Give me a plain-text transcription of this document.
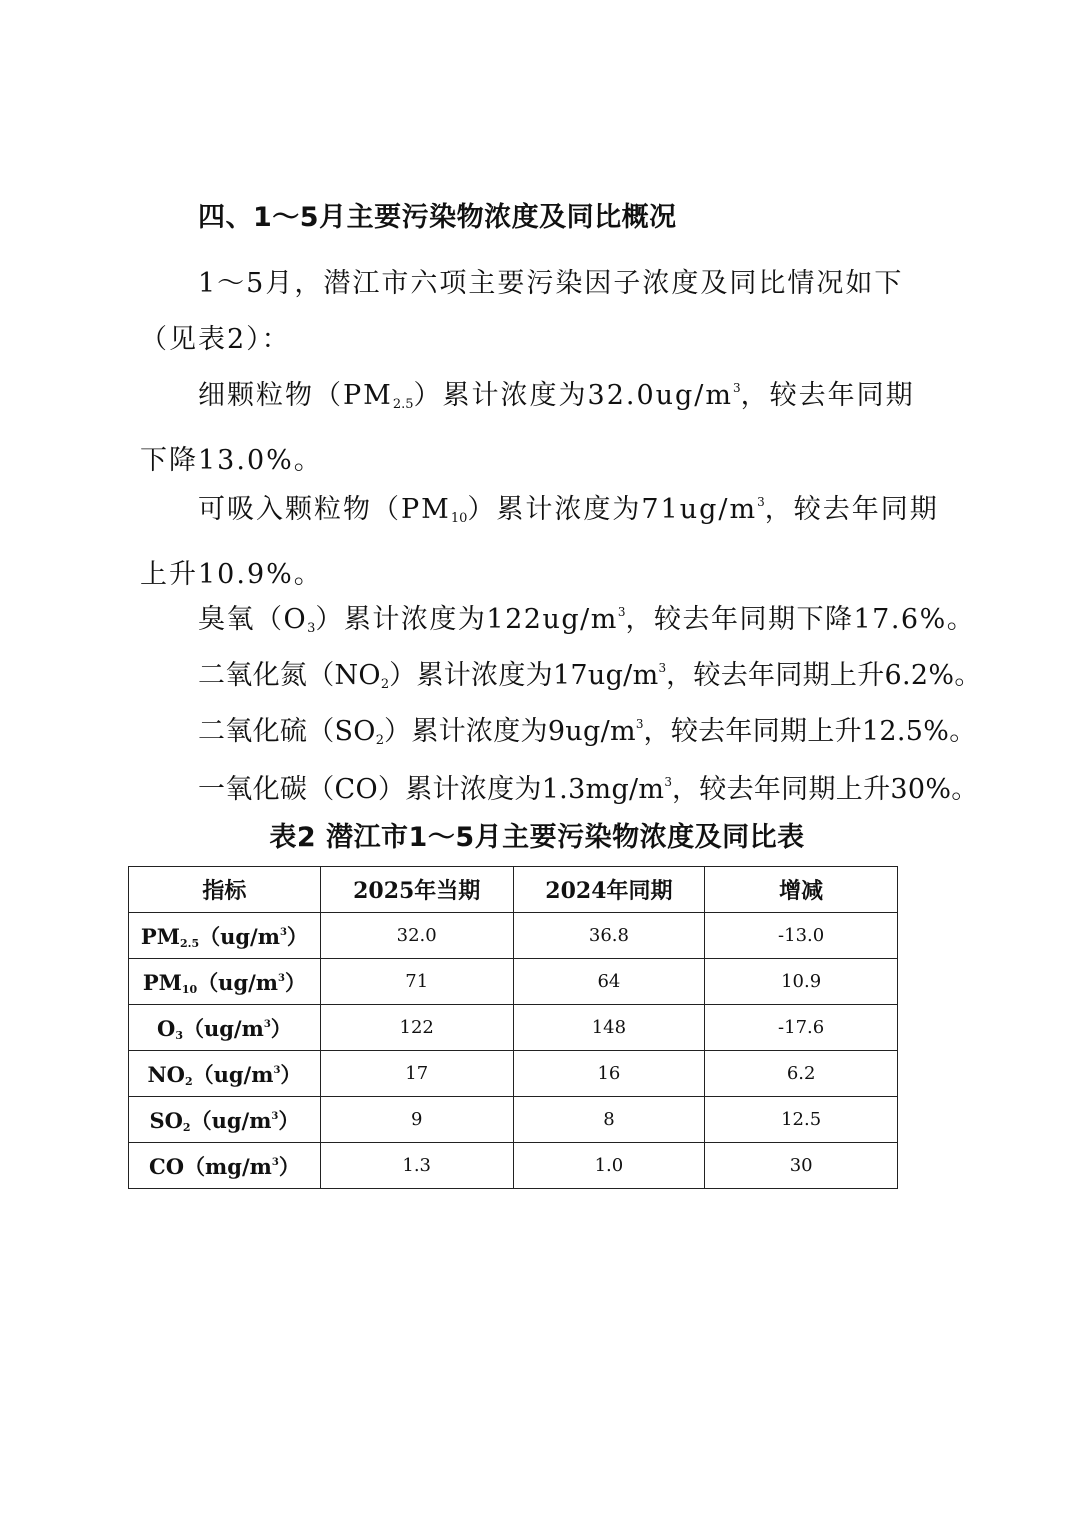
四、1～5月主要污染物浓度及同比概况
1～5月，潜江市六项主要污染因子浓度及同比情况如下（见表2）：
细颗粒物$(PM_{2.5})$累计浓度为$32.0ug/m^3$，较去年同期下降13.0%。
可吸入颗粒物$(PM_{10})$累计浓度为$71ug/m^3$，较去年同期上升10.9%。
臭氧$(O_3)$累计浓度为$122ug/m^3$，较去年同期下降17.6%。
二氧化氮$(NO_2)$累计浓度为$17ug/m^3$，较去年同期上升6.2%。
二氧化硫$(SO_2)$累计浓度为$9ug/m^3$，较去年同期上升12.5%。
一氧化碳（CO）累计浓度为$1.3mg/m^3$，较去年同期上升30%。
表2 潜江市1～5月主要污染物浓度及同比表
指标	2025年当期	2024年同期	增减
$PM_{2.5}(ug/m^3)$	32.0	36.8	-13.0
$PM_{10}(ug/m^3)$	71	64	10.9
$O_3(ug/m^3)$	122	148	-17.6
$NO_2(ug/m^3)$	17	16	6.2
$SO_2(ug/m^3)$	9	8	12.5
$CO(mg/m^3)$	1.3	1.0	30
